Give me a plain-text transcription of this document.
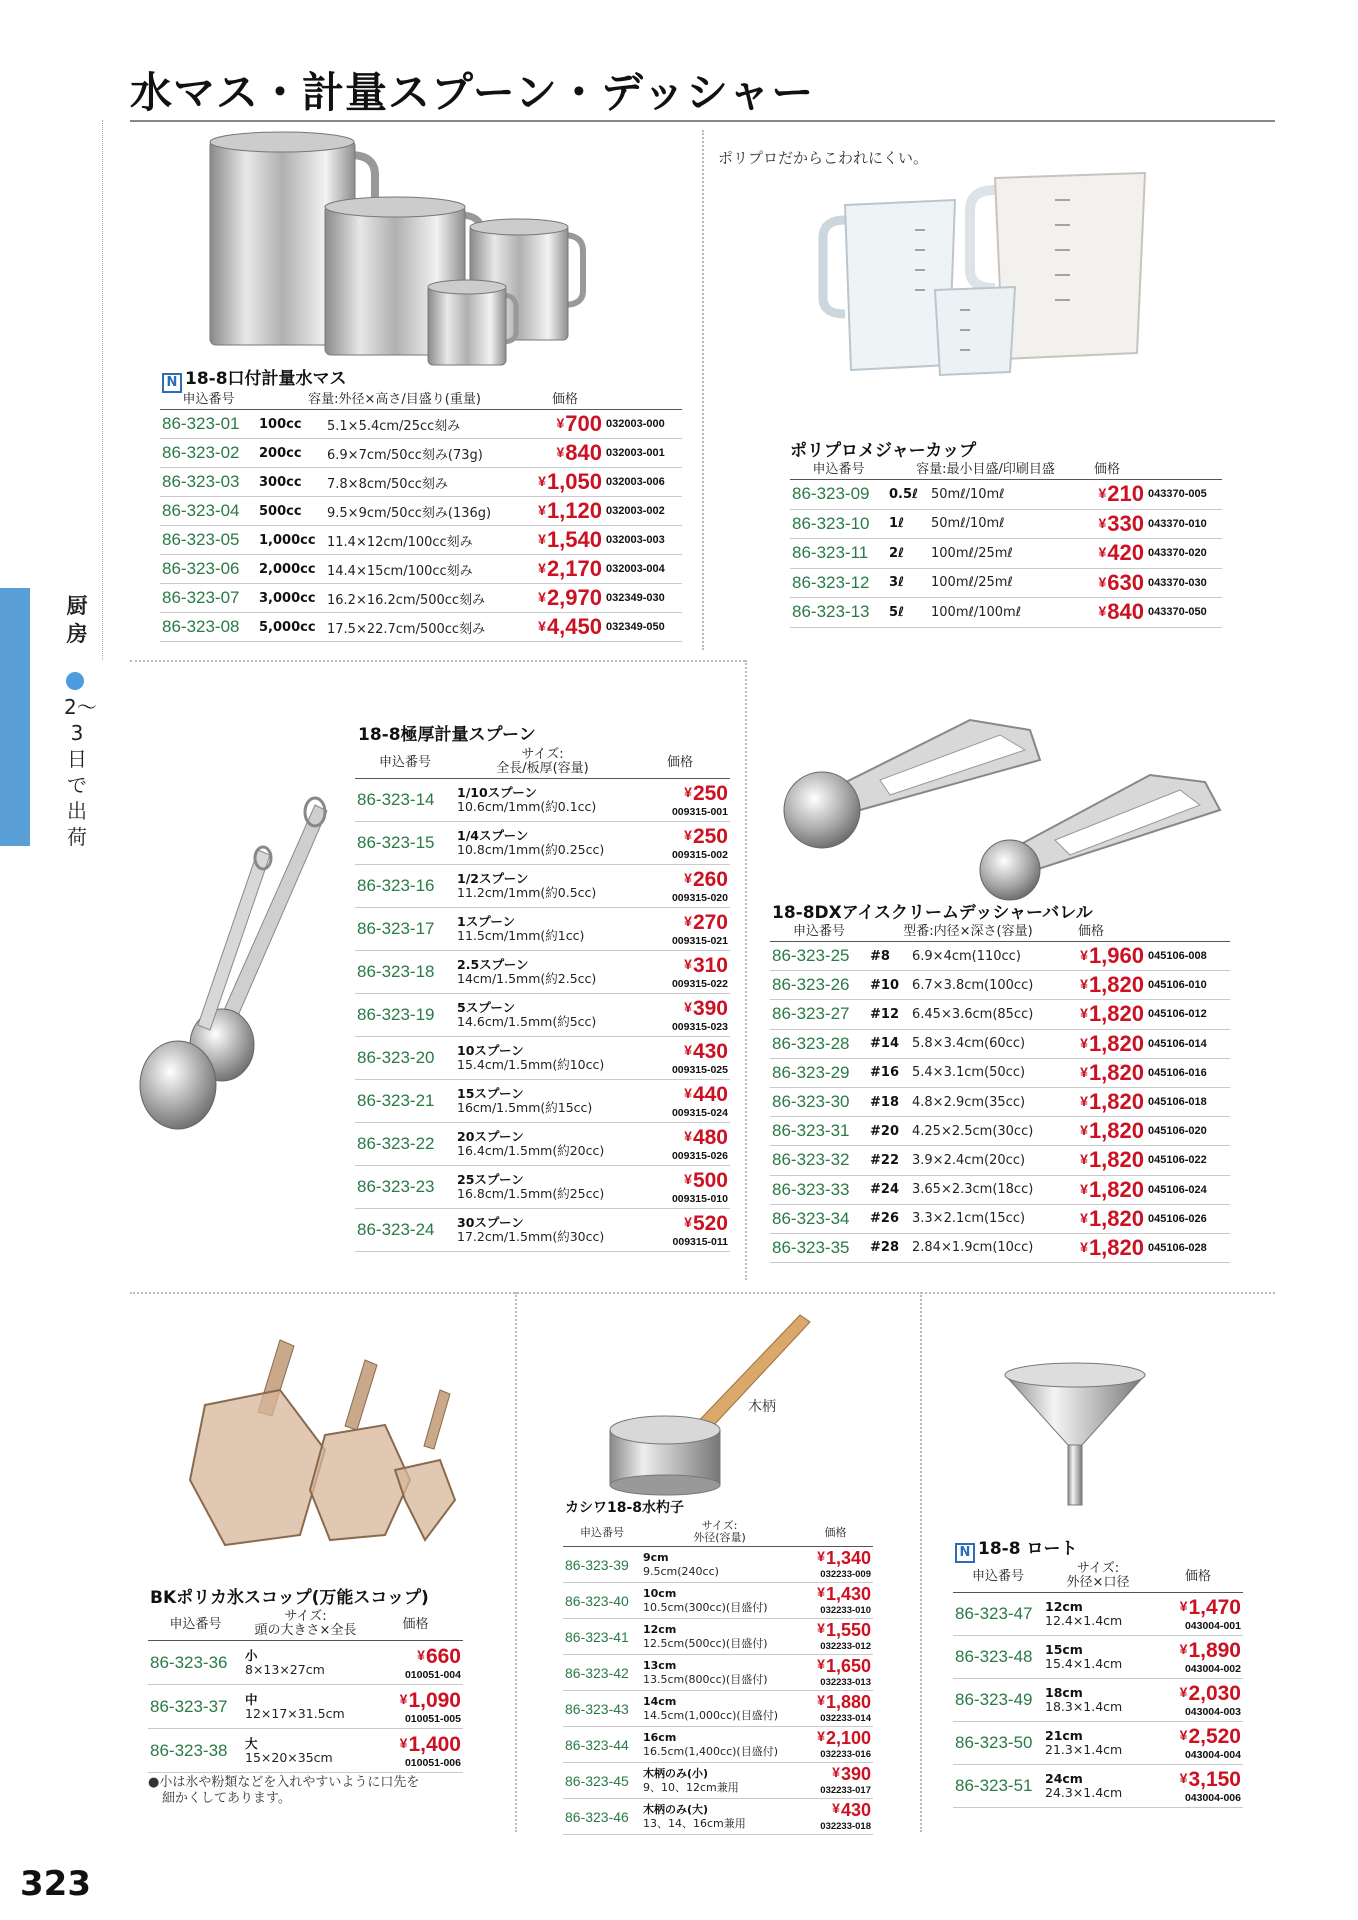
水マス・計量スプーン・デッシャー
厨房
2〜3日で出荷
323
木柄
N 18-8口付計量水マス
申込番号	容量:外径×高さ/目盛り(重量)		価格	
86-323-01	100cc	5.1×5.4cm/25cc刻み	¥700	032003-000
86-323-02	200cc	6.9×7cm/50cc刻み(73g)	¥840	032003-001
86-323-03	300cc	7.8×8cm/50cc刻み	¥1,050	032003-006
86-323-04	500cc	9.5×9cm/50cc刻み(136g)	¥1,120	032003-002
86-323-05	1,000cc	11.4×12cm/100cc刻み	¥1,540	032003-003
86-323-06	2,000cc	14.4×15cm/100cc刻み	¥2,170	032003-004
86-323-07	3,000cc	16.2×16.2cm/500cc刻み	¥2,970	032349-030
86-323-08	5,000cc	17.5×22.7cm/500cc刻み	¥4,450	032349-050
ポリプロだからこわれにくい。
ポリプロメジャーカップ
申込番号	容量:最小目盛/印刷目盛		価格	
86-323-09	0.5ℓ	50mℓ/10mℓ	¥210	043370-005
86-323-10	1ℓ	50mℓ/10mℓ	¥330	043370-010
86-323-11	2ℓ	100mℓ/25mℓ	¥420	043370-020
86-323-12	3ℓ	100mℓ/25mℓ	¥630	043370-030
86-323-13	5ℓ	100mℓ/100mℓ	¥840	043370-050
18-8極厚計量スプーン
申込番号	サイズ:
全長/板厚(容量)	価格
86-323-14	1/10スプーン
10.6cm/1mm(約0.1cc)	¥250
009315-001

86-323-15	1/4スプーン
10.8cm/1mm(約0.25cc)	¥250
009315-002

86-323-16	1/2スプーン
11.2cm/1mm(約0.5cc)	¥260
009315-020

86-323-17	1スプーン
11.5cm/1mm(約1cc)	¥270
009315-021

86-323-18	2.5スプーン
14cm/1.5mm(約2.5cc)	¥310
009315-022

86-323-19	5スプーン
14.6cm/1.5mm(約5cc)	¥390
009315-023

86-323-20	10スプーン
15.4cm/1.5mm(約10cc)	¥430
009315-025

86-323-21	15スプーン
16cm/1.5mm(約15cc)	¥440
009315-024

86-323-22	20スプーン
16.4cm/1.5mm(約20cc)	¥480
009315-026

86-323-23	25スプーン
16.8cm/1.5mm(約25cc)	¥500
009315-010

86-323-24	30スプーン
17.2cm/1.5mm(約30cc)	¥520
009315-011
18-8DXアイスクリームデッシャーバレル
申込番号	型番:内径×深さ(容量)		価格	
86-323-25	#8	6.9×4cm(110cc)	¥1,960	045106-008
86-323-26	#10	6.7×3.8cm(100cc)	¥1,820	045106-010
86-323-27	#12	6.45×3.6cm(85cc)	¥1,820	045106-012
86-323-28	#14	5.8×3.4cm(60cc)	¥1,820	045106-014
86-323-29	#16	5.4×3.1cm(50cc)	¥1,820	045106-016
86-323-30	#18	4.8×2.9cm(35cc)	¥1,820	045106-018
86-323-31	#20	4.25×2.5cm(30cc)	¥1,820	045106-020
86-323-32	#22	3.9×2.4cm(20cc)	¥1,820	045106-022
86-323-33	#24	3.65×2.3cm(18cc)	¥1,820	045106-024
86-323-34	#26	3.3×2.1cm(15cc)	¥1,820	045106-026
86-323-35	#28	2.84×1.9cm(10cc)	¥1,820	045106-028
BKポリカ氷スコップ(万能スコップ)
申込番号	サイズ:
頭の大きさ×全長	価格
86-323-36	小
8×13×27cm	¥660
010051-004

86-323-37	中
12×17×31.5cm	¥1,090
010051-005

86-323-38	大
15×20×35cm	¥1,400
010051-006
●小は氷や粉類などを入れやすいように口先を
細かくしてあります。
カシワ18-8水杓子
申込番号	サイズ:
外径(容量)	価格
86-323-39	9cm
9.5cm(240cc)	¥1,340
032233-009

86-323-40	10cm
10.5cm(300cc)(目盛付)	¥1,430
032233-010

86-323-41	12cm
12.5cm(500cc)(目盛付)	¥1,550
032233-012

86-323-42	13cm
13.5cm(800cc)(目盛付)	¥1,650
032233-013

86-323-43	14cm
14.5cm(1,000cc)(目盛付)	¥1,880
032233-014

86-323-44	16cm
16.5cm(1,400cc)(目盛付)	¥2,100
032233-016

86-323-45	木柄のみ(小)
9、10、12cm兼用	¥390
032233-017

86-323-46	木柄のみ(大)
13、14、16cm兼用	¥430
032233-018
N 18-8 ロート
申込番号	サイズ:
外径×口径	価格
86-323-47	12cm
12.4×1.4cm	¥1,470
043004-001

86-323-48	15cm
15.4×1.4cm	¥1,890
043004-002

86-323-49	18cm
18.3×1.4cm	¥2,030
043004-003

86-323-50	21cm
21.3×1.4cm	¥2,520
043004-004

86-323-51	24cm
24.3×1.4cm	¥3,150
043004-006
